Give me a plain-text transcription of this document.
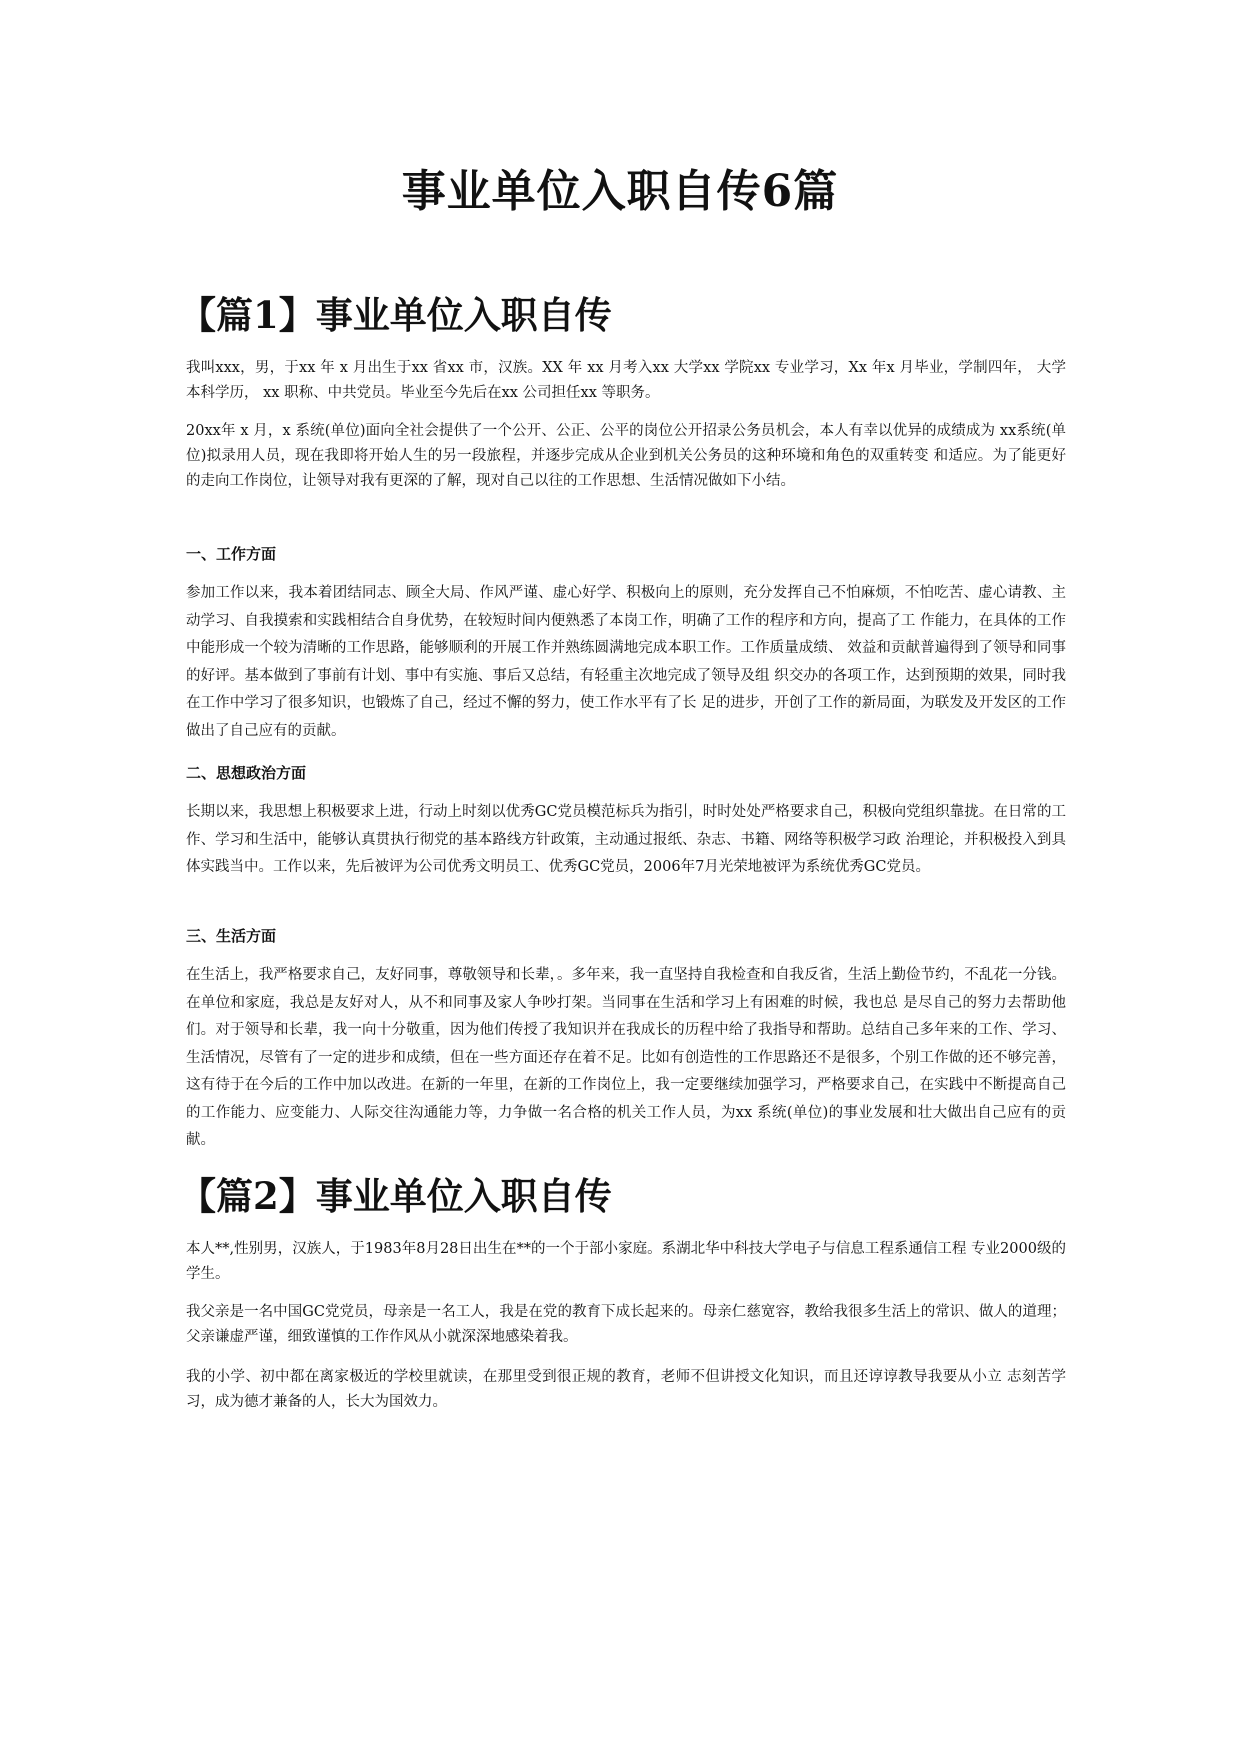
事业单位入职自传6篇
【篇1】事业单位入职自传

我叫xxx，男，于xx 年 x 月出生于xx 省xx 市，汉族。XX 年 xx 月考入xx 大学xx 学院xx 专业学习，Xx 年x 月毕业，学制四年， 大学本科学历， xx 职称、中共党员。毕业至今先后在xx 公司担任xx 等职务。

20xx年 x 月，x 系统(单位)面向全社会提供了一个公开、公正、公平的岗位公开招录公务员机会，本人有幸以优异的成绩成为 xx系统(单位)拟录用人员，现在我即将开始人生的另一段旅程，并逐步完成从企业到机关公务员的这种环境和角色的双重转变 和适应。为了能更好的走向工作岗位，让领导对我有更深的了解，现对自己以往的工作思想、生活情况做如下小结。

一、工作方面

参加工作以来，我本着团结同志、顾全大局、作风严谨、虚心好学、积极向上的原则，充分发挥自己不怕麻烦，不怕吃苦、虚心请教、主动学习、自我摸索和实践相结合自身优势，在较短时间内便熟悉了本岗工作，明确了工作的程序和方向，提高了工 作能力，在具体的工作中能形成一个较为清晰的工作思路，能够顺利的开展工作并熟练圆满地完成本职工作。工作质量成绩、 效益和贡献普遍得到了领导和同事的好评。基本做到了事前有计划、事中有实施、事后又总结，有轻重主次地完成了领导及组 织交办的各项工作，达到预期的效果，同时我在工作中学习了很多知识，也锻炼了自己，经过不懈的努力，使工作水平有了长 足的进步，开创了工作的新局面，为联发及开发区的工作做出了自己应有的贡献。

二、思想政治方面

长期以来，我思想上积极要求上进，行动上时刻以优秀GC党员模范标兵为指引，时时处处严格要求自己，积极向党组织靠拢。在日常的工作、学习和生活中，能够认真贯执行彻党的基本路线方针政策，主动通过报纸、杂志、书籍、网络等积极学习政 治理论，并积极投入到具体实践当中。工作以来，先后被评为公司优秀文明员工、优秀GC党员，2006年7月光荣地被评为系统优秀GC党员。

三、生活方面

在生活上，我严格要求自己，友好同事，尊敬领导和长辈，。多年来，我一直坚持自我检查和自我反省，生活上勤俭节约，不乱花一分钱。在单位和家庭，我总是友好对人，从不和同事及家人争吵打架。当同事在生活和学习上有困难的时候，我也总 是尽自己的努力去帮助他们。对于领导和长辈，我一向十分敬重，因为他们传授了我知识并在我成长的历程中给了我指导和帮助。总结自己多年来的工作、学习、生活情况，尽管有了一定的进步和成绩，但在一些方面还存在着不足。比如有创造性的工作思路还不是很多，个别工作做的还不够完善，这有待于在今后的工作中加以改进。在新的一年里，在新的工作岗位上，我一定要继续加强学习，严格要求自己，在实践中不断提高自己的工作能力、应变能力、人际交往沟通能力等，力争做一名合格的机关工作人员，为xx 系统(单位)的事业发展和壮大做出自己应有的贡献。

【篇2】事业单位入职自传

本人**,性别男，汉族人，于1983年8月28日出生在**的一个于部小家庭。系湖北华中科技大学电子与信息工程系通信工程 专业2000级的学生。

我父亲是一名中国GC党党员，母亲是一名工人，我是在党的教育下成长起来的。母亲仁慈宽容，教给我很多生活上的常识、做人的道理；父亲谦虚严谨，细致谨慎的工作作风从小就深深地感染着我。

我的小学、初中都在离家极近的学校里就读，在那里受到很正规的教育，老师不但讲授文化知识，而且还谆谆教导我要从小立 志刻苦学习，成为德才兼备的人，长大为国效力。
